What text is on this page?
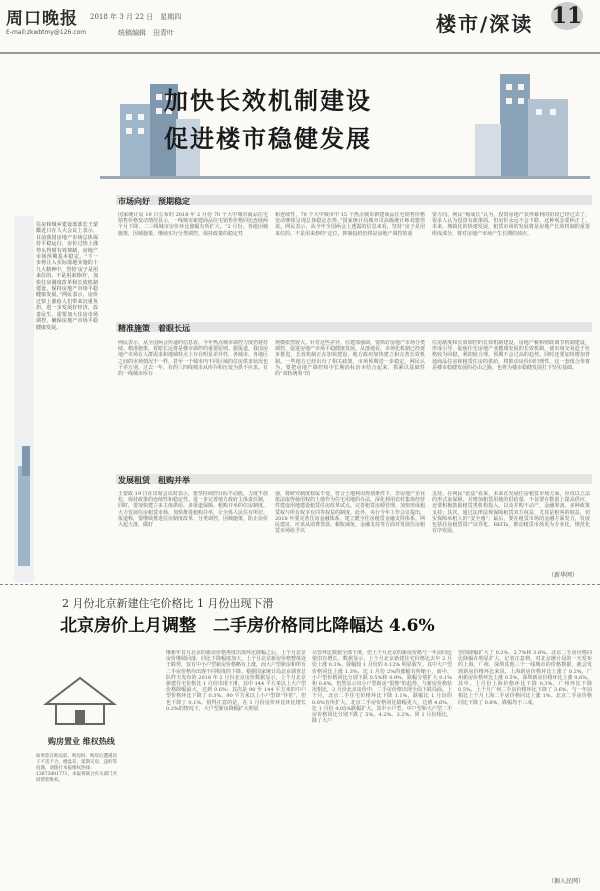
周口晚报 2018 年 3 月 22 日　星期四
统稿编辑　田青叶
E-mail:zkwbtmy@126.com	楼市/深读 11
加快长效机制建设
促进楼市稳健发展
住房和城乡建设部部长王蒙徽近日在人大会议上表示，目前我国房地产市场总体保持平稳运行，房价过快上涨势头得到有效抑制，房地产市场预期基本稳定。“下一步将注入实际落地实施的十九大精神中，坚持‘房子是用来住的、不是用来炒的’，加快住房制度改革和长效机制建设，保持房地产市场平稳健康发展。”网民表示，房价过快上涨给人们带来沉重负担，进一步发展好经济，改善民生，需要加大住房市场调控，确保房地产市场平稳健康发展。
市场向好　预期稳定
国家统计局 19 日公布的 2018 年 2 月份 70 个大中城市商品住宅销售价格变动情况显示，一线城市新建商品住宅销售价格同比连续两个月下降，二三线城市房价环比涨幅有所扩大。“2 月份，各地因城施策、因城施策，继续实行分类调控，保持政策的稳定性
和连续性，70 个大中城市中 15 个热点城市新建商品住宅销售价格变动继续呈现总体稳定态势。”国家统计局城市司高级统计师刘建伟说。网民表示，从今年全国两会上透露的信息来看，坚持“房子是用来住的、不是用来炒的”定位，抑制投机仍将是房地产调控的重
要方向。网民“杨成长”认为，投资房地产获得暴利的阶段已经过去了，很多人认为投资有政策面，但房价永远不会下跌，这种观念要纠正了。未来，城镇化的快速发展，租赁市场的发展将是房地产长效机制的重要组成部分，将对房地产市场产生长期的效应。
精准施策　着眼长远
网民表示，从全国两会传递的信息看，今年热点城市调控力度仍将持续。精准施策，着眼长远将是楼市调控的重要原则。据报道，我国房地产市场在人群需求和地域特点上存在明显差异性，各城市、各地区之间的市场情况不一样，甚至一个城市内不同区域的住房供求状况也千差万别。过去一年，有的三四线城市从库存积压变为供不应求，有的一线城市库存
规模依然较大。针对这些差异，住建部强调，要抓好房地产市场分类调控，促进房地产市场平稳健康发展。从落地看，市场化机制已经逐步推进，长效机制正在加快建设，地方政府加快建立和完善长效机制。一些地方已经出台了相关政策，市场预期进一步稳定。网民认为，要把房地产调控和中长期治标治本结合起来，抓紧以基础性的“双轨统筹”的
住房制度和长效调控的长效机制建设，房地产税和财政调节机制建设，形成引导、促使住宅房地产业健康发展的长效机制，使市场交易趋于价格较为回稳，利润较合理，预期不会过高的趋势。同时还要加快增加普通商品住房和租赁住房的供给，将推动房价回归理性。这一套组合拳将是楼市稳健发展的必由之路，也将为楼市稳健发展打下坚实基础。
发展租赁　租购并举
王蒙政 19 日在出席会议时表示，要坚持调控目标不动摇，力度不放松，保持政策的连续性和稳定性。进一步完善地方政府主体责任制，同时，要加快建立多主体供给、多渠道保障、租购并举的住房制度。大力发展住房租赁市场，加快推进租购并举，让全体人民住有所居。报道称，要继续推进住房制度改革，分类调控，因城施策，防止房价大起大落，做好
强，将研究制度权属不变、符合土地利用规划条件下，非房地产企业依法取得使用权的土地作为住宅用地的办法，深化利用农村集体经营性建设用地建设租赁住房改革试点。完善租赁房源管理，加快形成租赁权与所有权享有同等权益的制度，此外，央行今年工作会议提出，2018 年要完善住房金融体系，建立健全住房租赁金融支持体系。网民建议，应该从消费贷款、税收减免、金融支持等方面对发展住房租赁市场给予以
支持。在网民“张法”看来，未来在发展住房租赁市场方面，应该以立法的形式来保障，并增加租赁用地的供给量，不仅要在数量上提高供应，还要积极鼓励租赁类机构投入，以及并购不动产，金融筹备。多种政策支持；其次，通过法律法规保障租赁双方权益，尤其是租客的权益，切实保障承租人的“安全感”；最后，要在租赁市场的金融方面发力，发展包括住房租赁资产证券化、REITs，推动租赁市场更为专业化、规范化有序发展。
（新华网）
2 月份北京新建住宅价格比 1 月份出现下滑
北京房价上月调整　二手房价格同比降幅达 4.6%
购房置业 维权热线
如果您在购房前、购房时、购房后遭遇房子不适不合，楼盘差、延期交房、违约等问题，请拨打本报维权热线：13673881771，本报将联合有关部门共同帮您维权。
继新年首月北京的新房价格再度出现环比降幅之后，上个月北京房价继续回落，同比下降幅度加大。上个月北京新房价格整体处于跌势，仅有中小户型新房价格略有上涨，而大户型新房和所有二手房价格均出现不同程度的下降。根据国家统计局北京调查总队昨天发布的 2018 年 2 月份北京房价数据显示，上个月北京新建住宅价格比 1 月份出现下滑，其中 144 平方米以上大户型价格降幅最大，达到 0.6%；其次是 90 至 144 平方米的中户型价格环比下降了 0.3%。90 平方米以上小户型却“异常”，但也下降了 0.1%。值得注意的是，在 1 月份房价环比环比增长 0.2%的情况下，大户型新房降幅扩大明显
尽管环比数据全部下滑，但上个月北京的新房价格与一年前同比依旧有增长。数据显示，上个月北京新建住宅价格比去年 2 月份上涨 0.3%，降幅较 1 月份的 0.12% 明显收窄。其中大户型价格同比上涨 1.3%，比 1 月份 2%的涨幅有所缩小，而中、小户型价格同比分别下跌 0.5%和 0.9%，跌幅分别扩大 0.1%和 0.6%。仍然显示出小户型新房“很惨”的趋势。与新房价格状况相比，2 月份北京房价中，二手房价格出现全面下跌局面。上个月，北京二手住宅价格环比下降 1.1%，跌幅比 1 月份的 0.8%有所扩大。北京二手房价格同比降幅更大，达到 4.6%，比 1 月份 4.05%跌幅扩大。其中小户型、中户型和大户型二手房价格同比分别下跌了 5%、4.2%、3.2%。同 1 月份相比，除了大户
型的降幅扩大了 0.2%，2.7%和 3.6%。北京二手房价格同比降幅在明显扩大。记者注意到，对北京统计局的一天发布的上海、广州、深圳其他三个一线城市的价格数据，就会发现新房价格环比来说，上海新房价格环比上涨了 0.2%，广州新房价格环比上涨 0.5%，深圳新房价格环比上涨 0.6%。其中，上月份上海价格环比下降 0.3%，广州环比下降 0.5%，上个月广州二手房价格环比下降了 3.6%，与一年前相比上个月上海二手房价格同比上涨 1%。北京二手房价格同比下降了 0.8%，跌幅均于三成。
（据人民网）
